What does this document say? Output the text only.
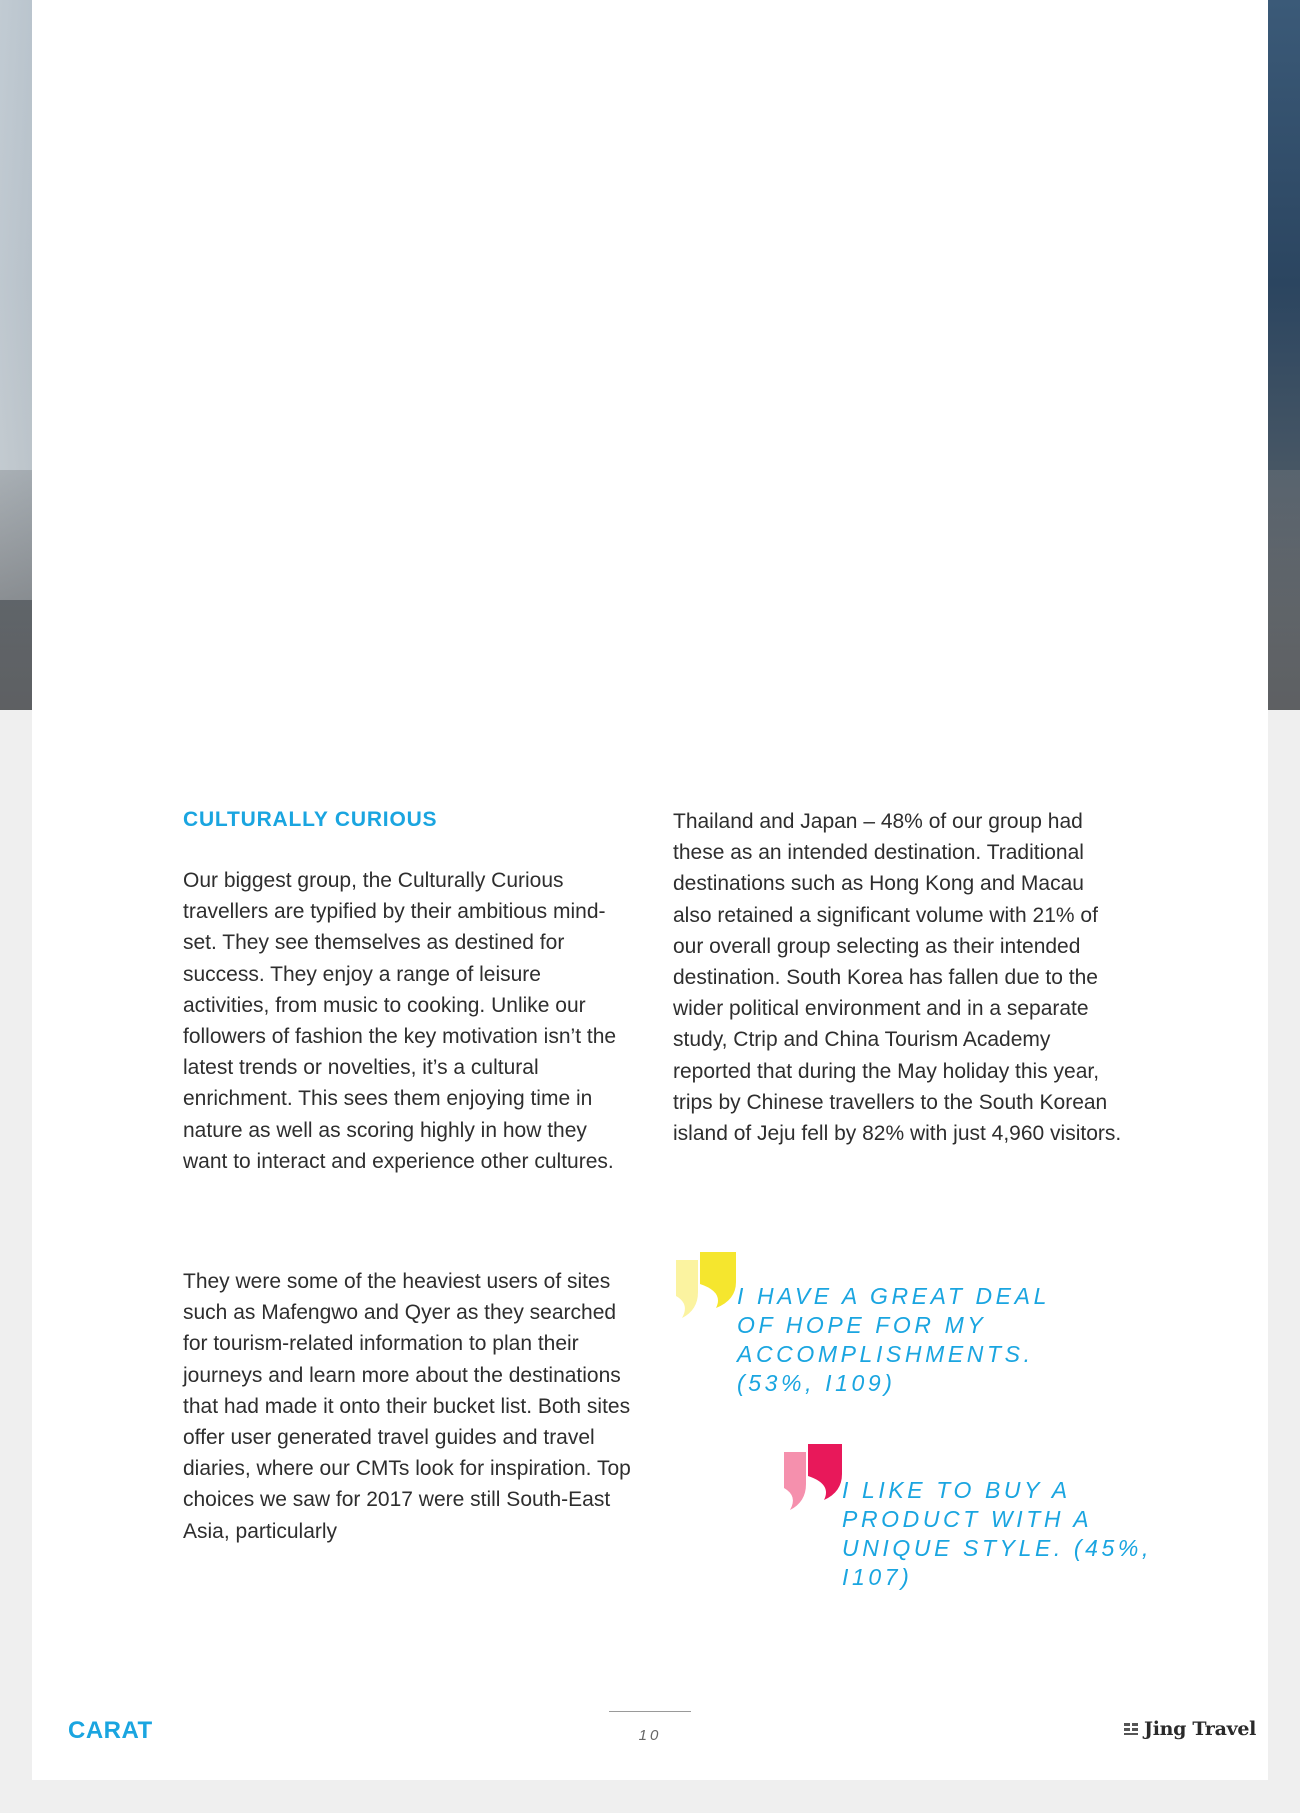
CULTURALLY CURIOUS

Our biggest group, the Culturally Curious travellers are typified by their ambitious mind-set. They see themselves as destined for success. They enjoy a range of leisure activities, from music to cooking. Unlike our followers of fashion the key motivation isn’t the latest trends or novelties, it’s a cultural enrichment. This sees them enjoying time in nature as well as scoring highly in how they want to interact and experience other cultures.

They were some of the heaviest users of sites such as Mafengwo and Qyer as they searched for tourism-related information to plan their journeys and learn more about the destinations that had made it onto their bucket list. Both sites offer user generated travel guides and travel diaries, where our CMTs look for inspiration. Top choices we saw for 2017 were still South-East Asia, particularly

Thailand and Japan – 48% of our group had these as an intended destination. Traditional destinations such as Hong Kong and Macau also retained a significant volume with 21% of our overall group selecting as their intended destination. South Korea has fallen due to the wider political environment and in a separate study, Ctrip and China Tourism Academy reported that during the May holiday this year, trips by Chinese travellers to the South Korean island of Jeju fell by 82% with just 4,960 visitors.

I HAVE A GREAT DEAL OF HOPE FOR MY ACCOMPLISHMENTS. (53%, I109)

I LIKE TO BUY A PRODUCT WITH A UNIQUE STYLE. (45%, I107)

10
CARAT	Jing Travel
